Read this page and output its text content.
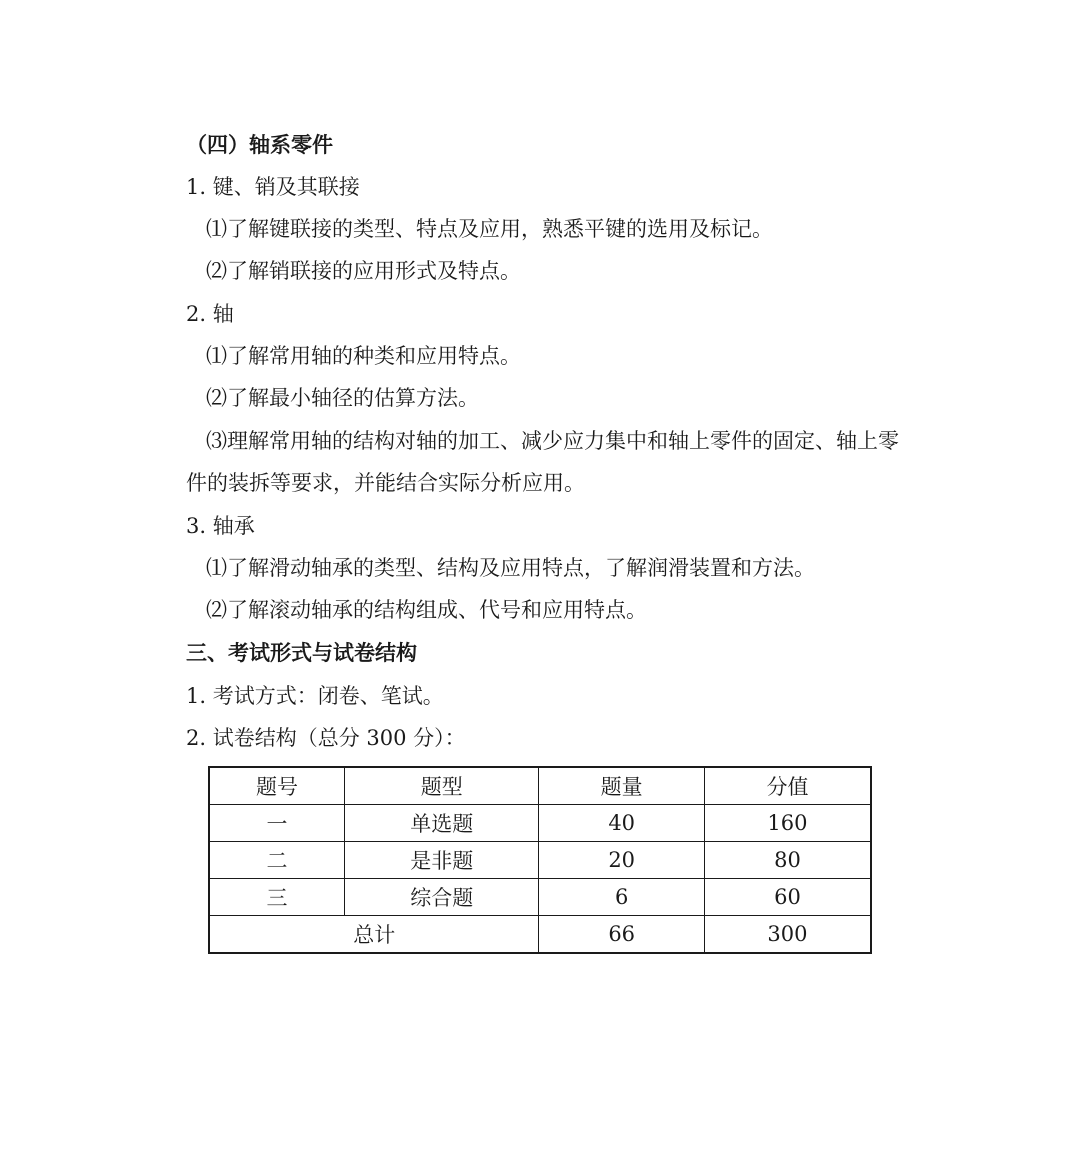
（四）轴系零件
1. 键、销及其联接
⑴了解键联接的类型、特点及应用，熟悉平键的选用及标记。
⑵了解销联接的应用形式及特点。
2. 轴
⑴了解常用轴的种类和应用特点。
⑵了解最小轴径的估算方法。
⑶理解常用轴的结构对轴的加工、减少应力集中和轴上零件的固定、轴上零
件的装拆等要求，并能结合实际分析应用。
3. 轴承
⑴了解滑动轴承的类型、结构及应用特点，了解润滑装置和方法。
⑵了解滚动轴承的结构组成、代号和应用特点。
三、考试形式与试卷结构
1. 考试方式：闭卷、笔试。
2. 试卷结构（总分 300 分）：
题号	题型	题量	分值
一	单选题	40	160
二	是非题	20	80
三	综合题	6	60
总计		66	300
